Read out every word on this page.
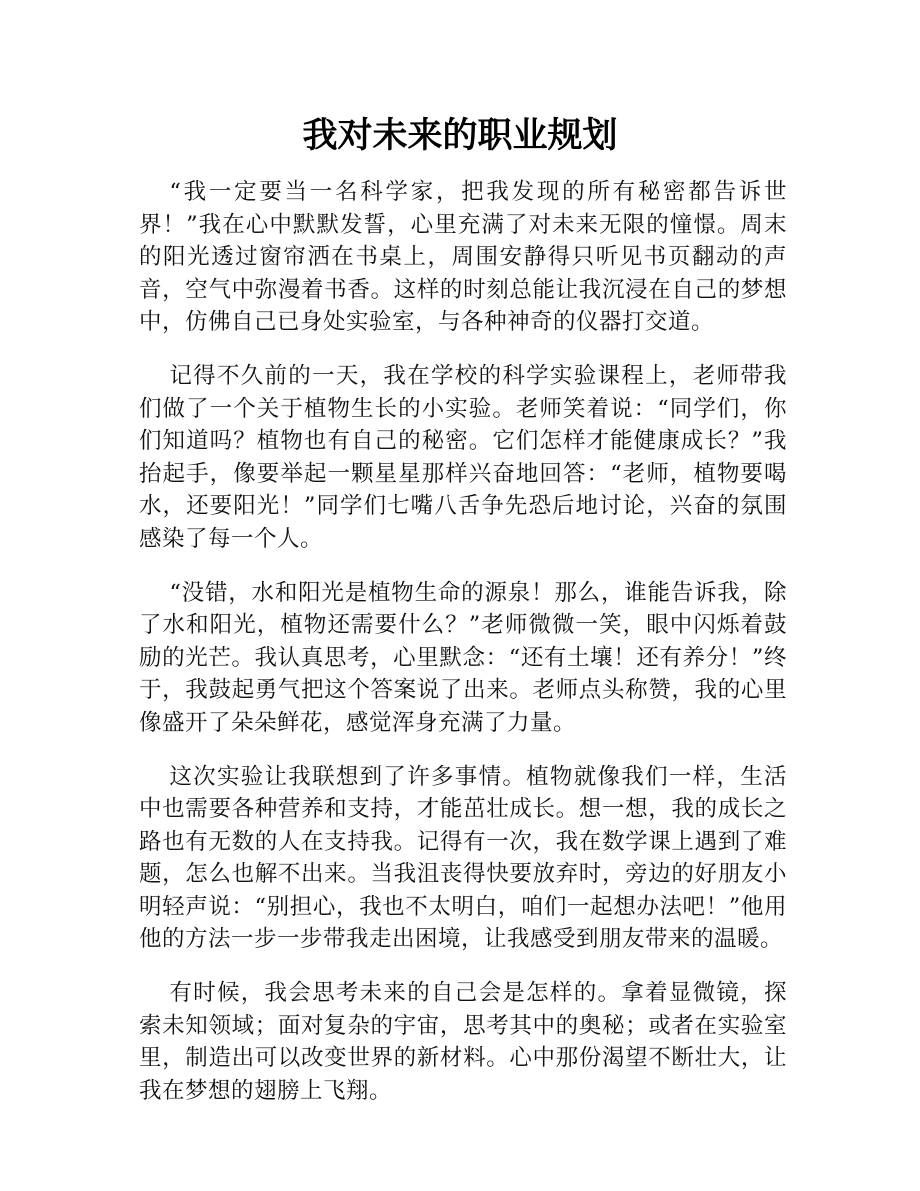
我对未来的职业规划

“我一定要当一名科学家，把我发现的所有秘密都告诉世界！”我在心中默默发誓，心里充满了对未来无限的憧憬。周末的阳光透过窗帘洒在书桌上，周围安静得只听见书页翻动的声音，空气中弥漫着书香。这样的时刻总能让我沉浸在自己的梦想中，仿佛自己已身处实验室，与各种神奇的仪器打交道。

记得不久前的一天，我在学校的科学实验课程上，老师带我们做了一个关于植物生长的小实验。老师笑着说：“同学们，你们知道吗？植物也有自己的秘密。它们怎样才能健康成长？”我抬起手，像要举起一颗星星那样兴奋地回答：“老师，植物要喝水，还要阳光！”同学们七嘴八舌争先恐后地讨论，兴奋的氛围感染了每一个人。

“没错，水和阳光是植物生命的源泉！那么，谁能告诉我，除了水和阳光，植物还需要什么？”老师微微一笑，眼中闪烁着鼓励的光芒。我认真思考，心里默念：“还有土壤！还有养分！”终于，我鼓起勇气把这个答案说了出来。老师点头称赞，我的心里像盛开了朵朵鲜花，感觉浑身充满了力量。

这次实验让我联想到了许多事情。植物就像我们一样，生活中也需要各种营养和支持，才能茁壮成长。想一想，我的成长之路也有无数的人在支持我。记得有一次，我在数学课上遇到了难题，怎么也解不出来。当我沮丧得快要放弃时，旁边的好朋友小明轻声说：“别担心，我也不太明白，咱们一起想办法吧！”他用他的方法一步一步带我走出困境，让我感受到朋友带来的温暖。

有时候，我会思考未来的自己会是怎样的。拿着显微镜，探索未知领域；面对复杂的宇宙，思考其中的奥秘；或者在实验室里，制造出可以改变世界的新材料。心中那份渴望不断壮大，让我在梦想的翅膀上飞翔。
